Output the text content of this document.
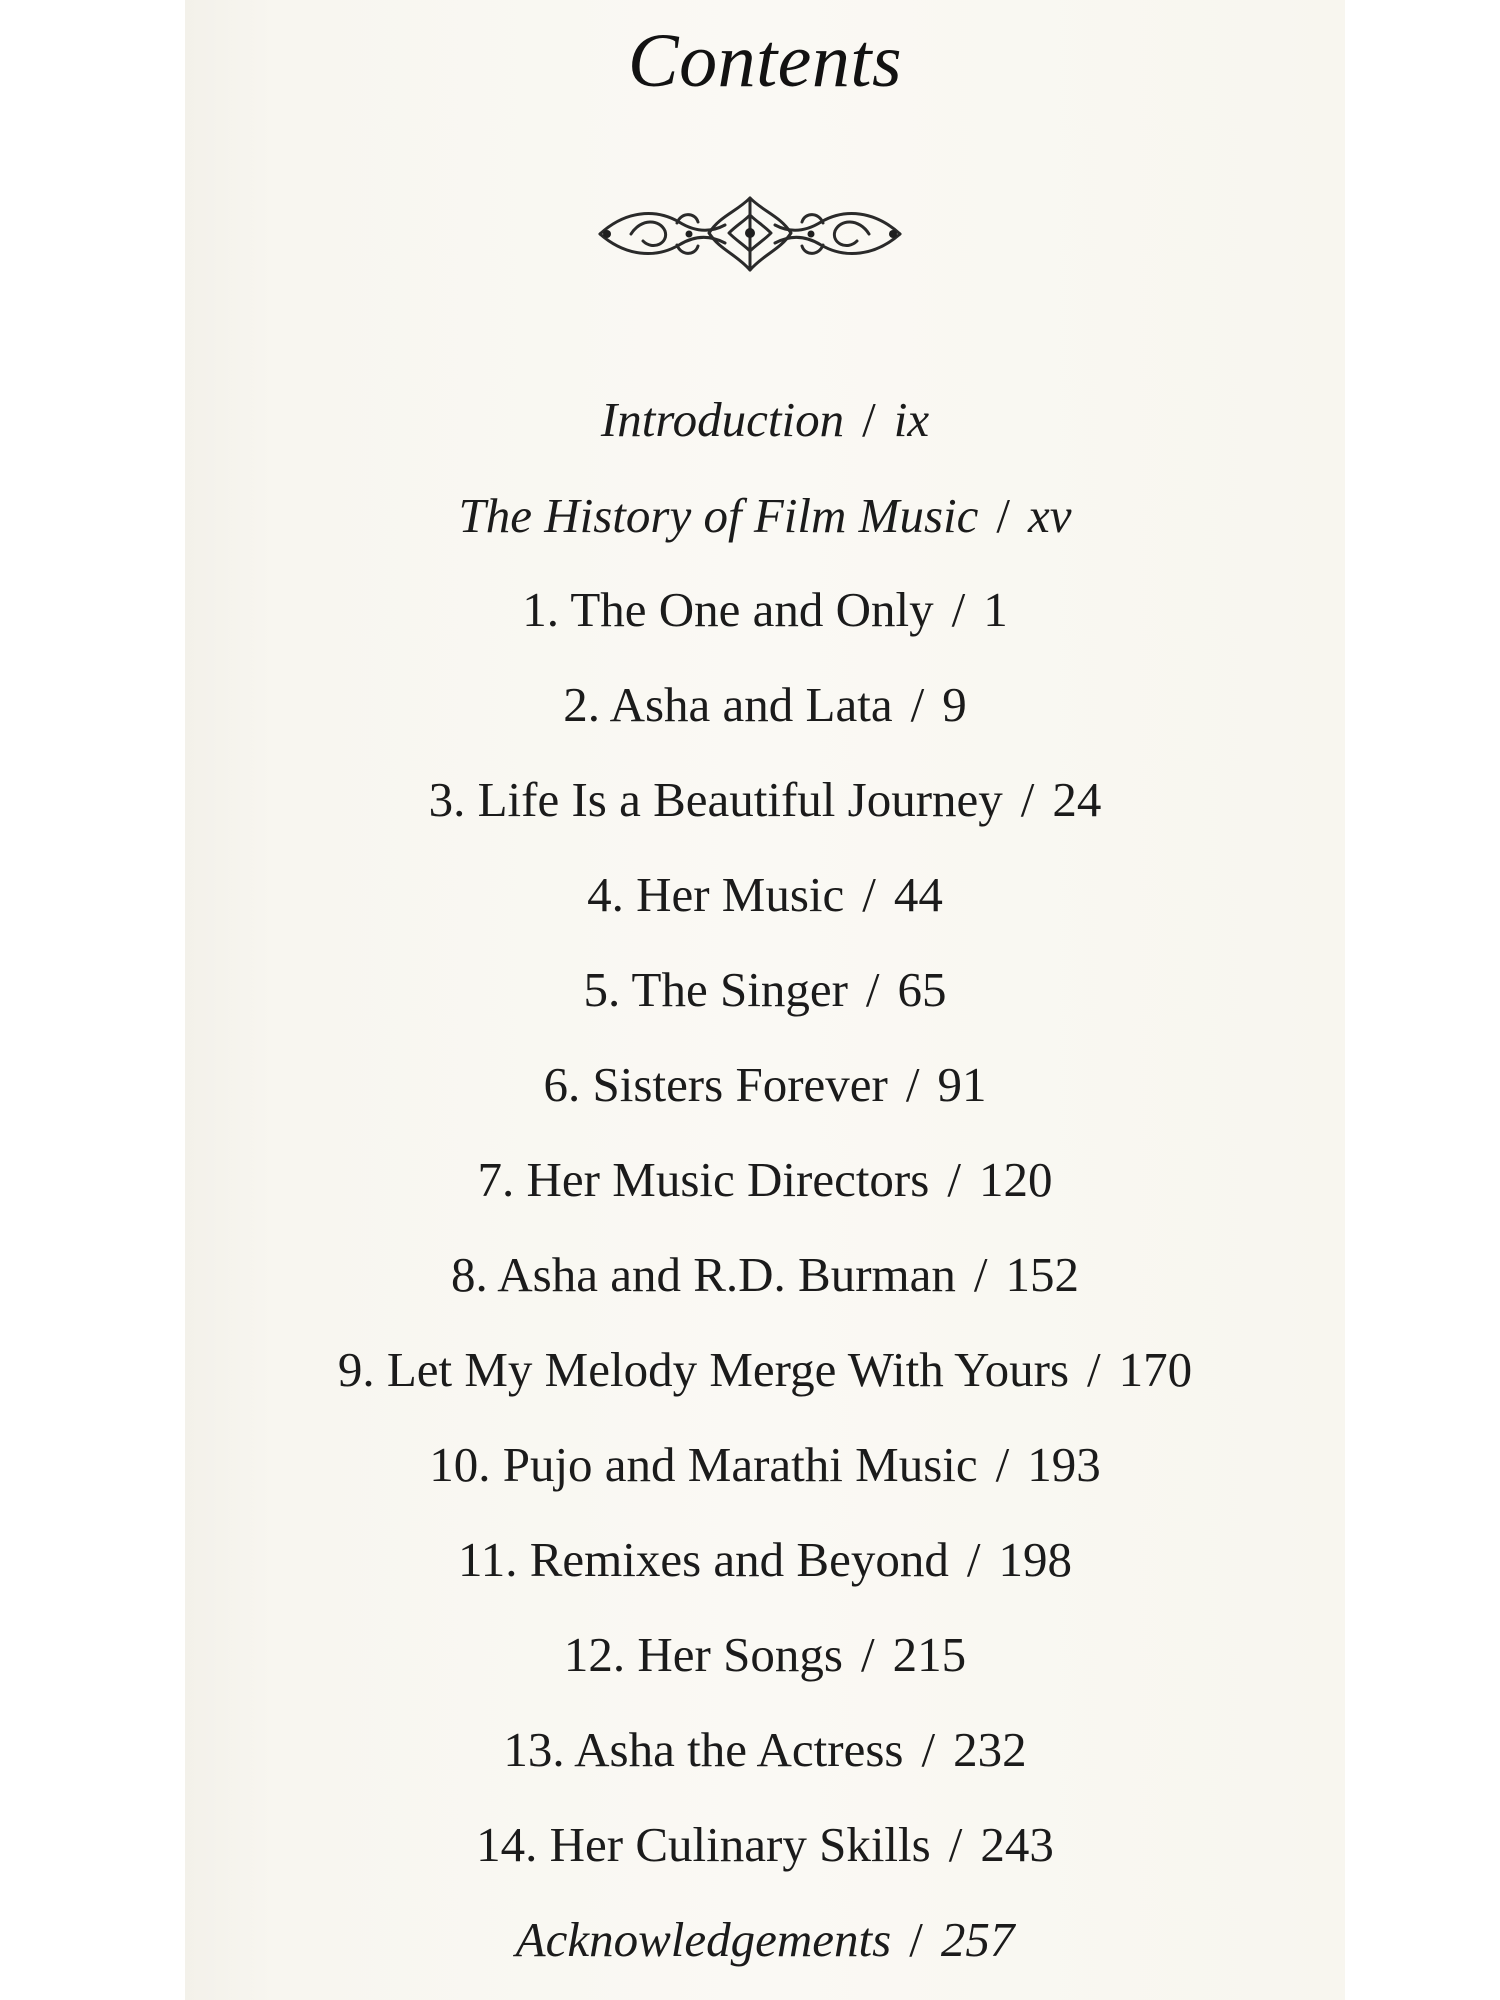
Contents
Introduction / ix
The History of Film Music / xv
1. The One and Only / 1
2. Asha and Lata / 9
3. Life Is a Beautiful Journey / 24
4. Her Music / 44
5. The Singer / 65
6. Sisters Forever / 91
7. Her Music Directors / 120
8. Asha and R.D. Burman / 152
9. Let My Melody Merge With Yours / 170
10. Pujo and Marathi Music / 193
11. Remixes and Beyond / 198
12. Her Songs / 215
13. Asha the Actress / 232
14. Her Culinary Skills / 243
Acknowledgements / 257
